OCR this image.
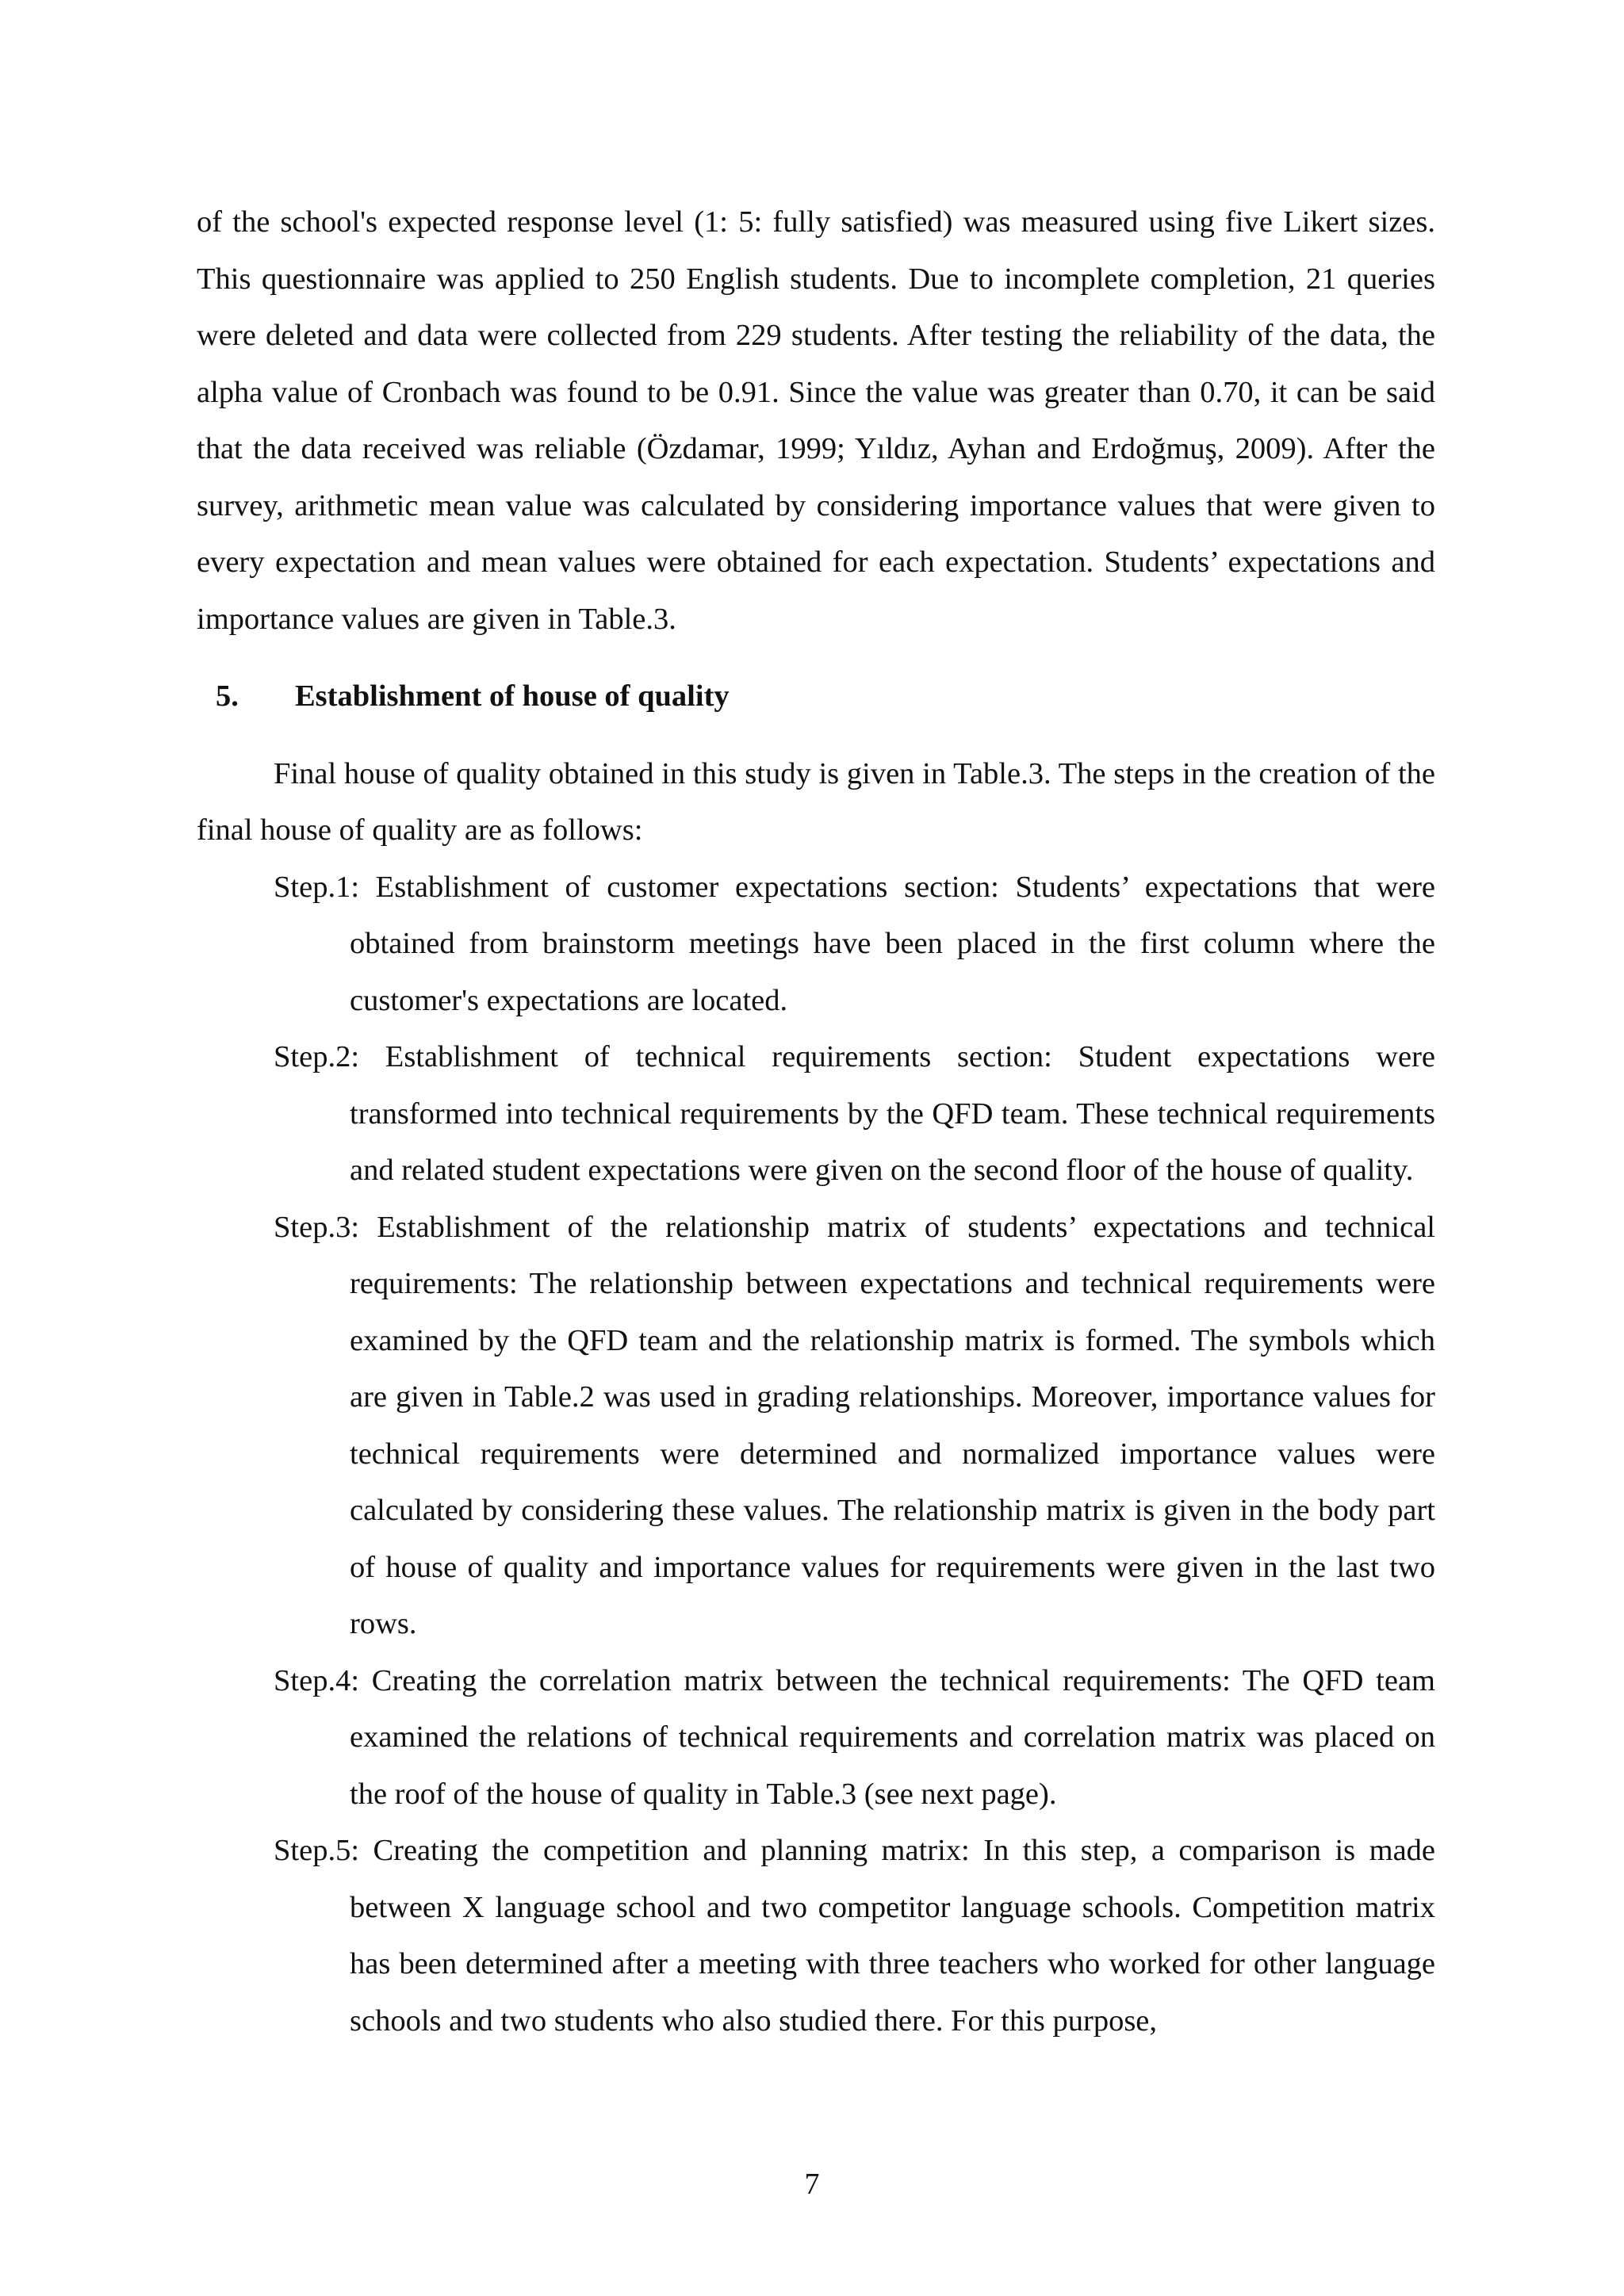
of the school's expected response level (1: 5: fully satisfied) was measured using five Likert sizes. This questionnaire was applied to 250 English students. Due to incomplete completion, 21 queries were deleted and data were collected from 229 students. After testing the reliability of the data, the alpha value of Cronbach was found to be 0.91. Since the value was greater than 0.70, it can be said that the data received was reliable (Özdamar, 1999; Yıldız, Ayhan and Erdoğmuş, 2009). After the survey, arithmetic mean value was calculated by considering importance values that were given to every expectation and mean values were obtained for each expectation. Students’ expectations and importance values are given in Table.3.

5.	Establishment of house of quality

Final house of quality obtained in this study is given in Table.3. The steps in the creation of the final house of quality are as follows:

Step.1: Establishment of customer expectations section: Students’ expectations that were obtained from brainstorm meetings have been placed in the first column where the customer's expectations are located.

Step.2: Establishment of technical requirements section: Student expectations were transformed into technical requirements by the QFD team. These technical requirements and related student expectations were given on the second floor of the house of quality.

Step.3: Establishment of the relationship matrix of students’ expectations and technical requirements: The relationship between expectations and technical requirements were examined by the QFD team and the relationship matrix is formed. The symbols which are given in Table.2 was used in grading relationships. Moreover, importance values for technical requirements were determined and normalized importance values were calculated by considering these values. The relationship matrix is given in the body part of house of quality and importance values for requirements were given in the last two rows.

Step.4: Creating the correlation matrix between the technical requirements: The QFD team examined the relations of technical requirements and correlation matrix was placed on the roof of the house of quality in Table.3 (see next page).

Step.5: Creating the competition and planning matrix: In this step, a comparison is made between X language school and two competitor language schools. Competition matrix has been determined after a meeting with three teachers who worked for other language schools and two students who also studied there. For this purpose,

7
